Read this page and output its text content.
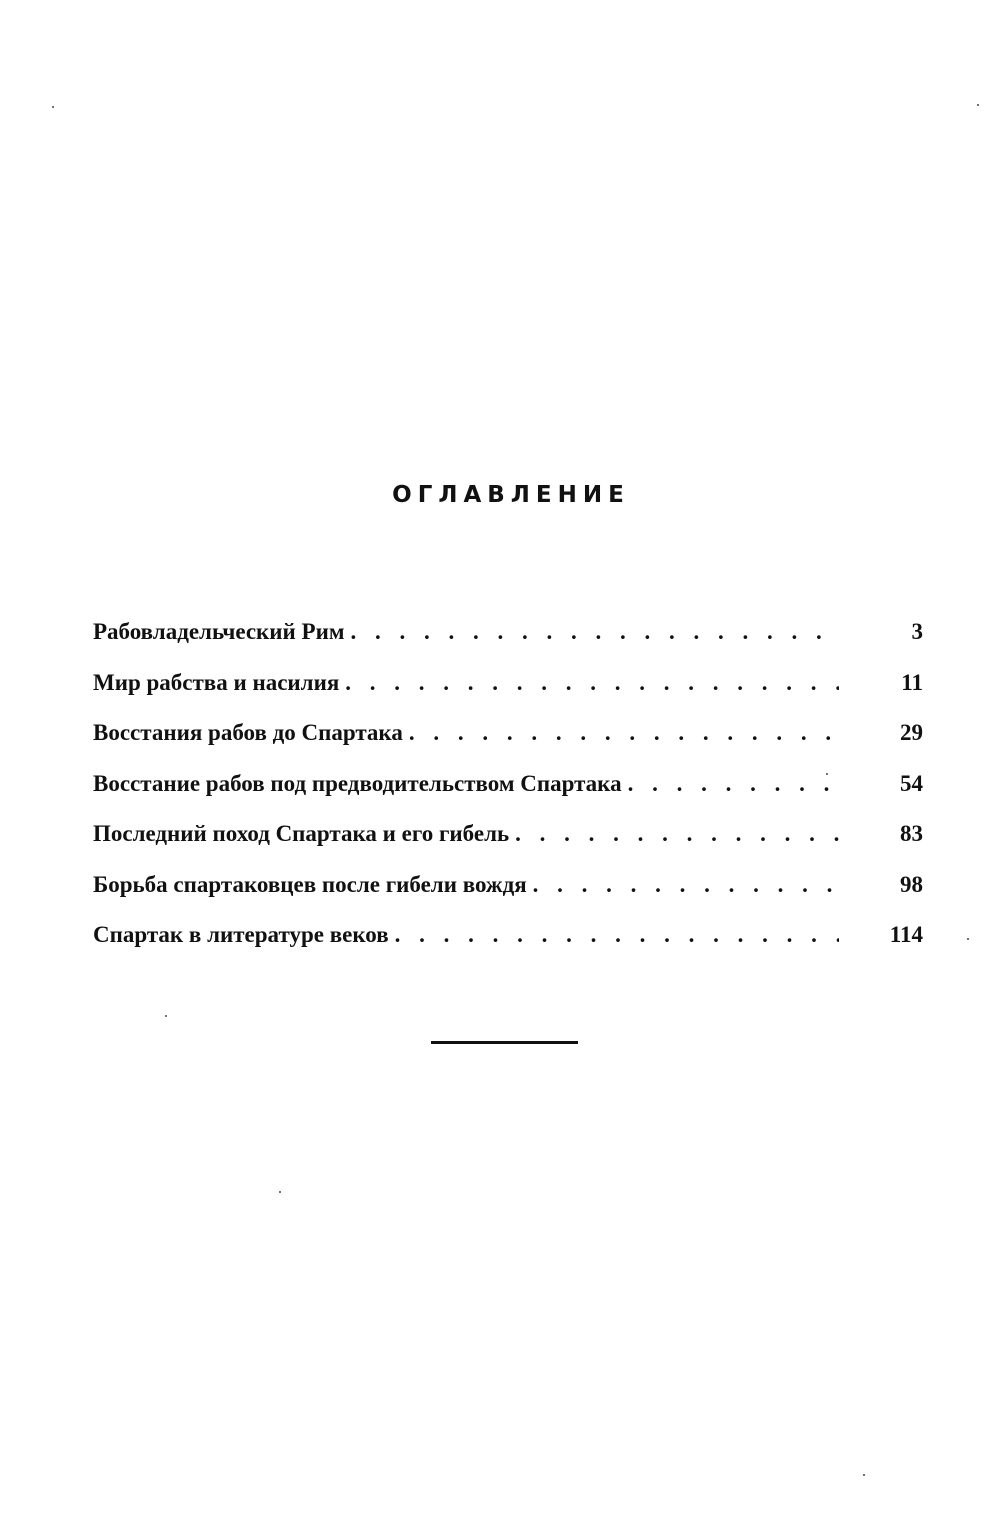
ОГЛАВЛЕНИЕ
Рабовладельческий Рим . . .	3
Мир рабства и насилия . . .	11
Восстания рабов до Спартака . . .	29
Восстание рабов под предводительством Спартака . . .	54
Последний поход Спартака и его гибель . . .	83
Борьба спартаковцев после гибели вождя . . .	98
Спартак в литературе веков . . .	114
